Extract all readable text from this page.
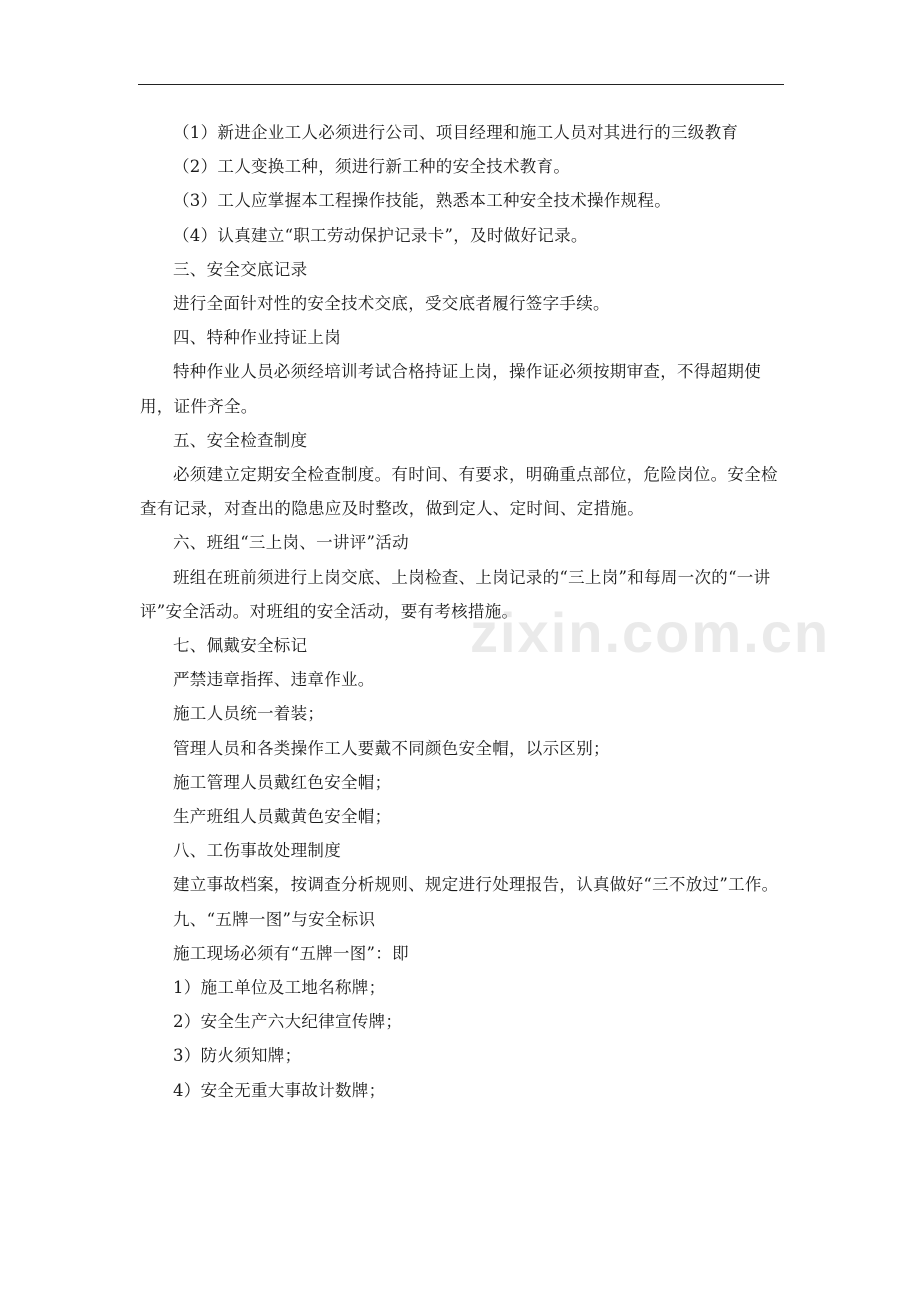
（1）新进企业工人必须进行公司、项目经理和施工人员对其进行的三级教育

（2）工人变换工种，须进行新工种的安全技术教育。

（3）工人应掌握本工程操作技能，熟悉本工种安全技术操作规程。

（4）认真建立“职工劳动保护记录卡”，及时做好记录。

三、安全交底记录

进行全面针对性的安全技术交底，受交底者履行签字手续。

四、特种作业持证上岗

特种作业人员必须经培训考试合格持证上岗，操作证必须按期审查，不得超期使用，证件齐全。

五、安全检查制度

必须建立定期安全检查制度。有时间、有要求，明确重点部位，危险岗位。安全检查有记录，对查出的隐患应及时整改，做到定人、定时间、定措施。

六、班组“三上岗、一讲评”活动

班组在班前须进行上岗交底、上岗检查、上岗记录的“三上岗”和每周一次的“一讲评”安全活动。对班组的安全活动，要有考核措施。

七、佩戴安全标记

严禁违章指挥、违章作业。

施工人员统一着装；

管理人员和各类操作工人要戴不同颜色安全帽，以示区别；

施工管理人员戴红色安全帽；

生产班组人员戴黄色安全帽；

八、工伤事故处理制度

建立事故档案，按调查分析规则、规定进行处理报告，认真做好“三不放过”工作。

九、“五牌一图”与安全标识

施工现场必须有“五牌一图”：即

1）施工单位及工地名称牌；

2）安全生产六大纪律宣传牌；

3）防火须知牌；

4）安全无重大事故计数牌；

zixin.com.cn
